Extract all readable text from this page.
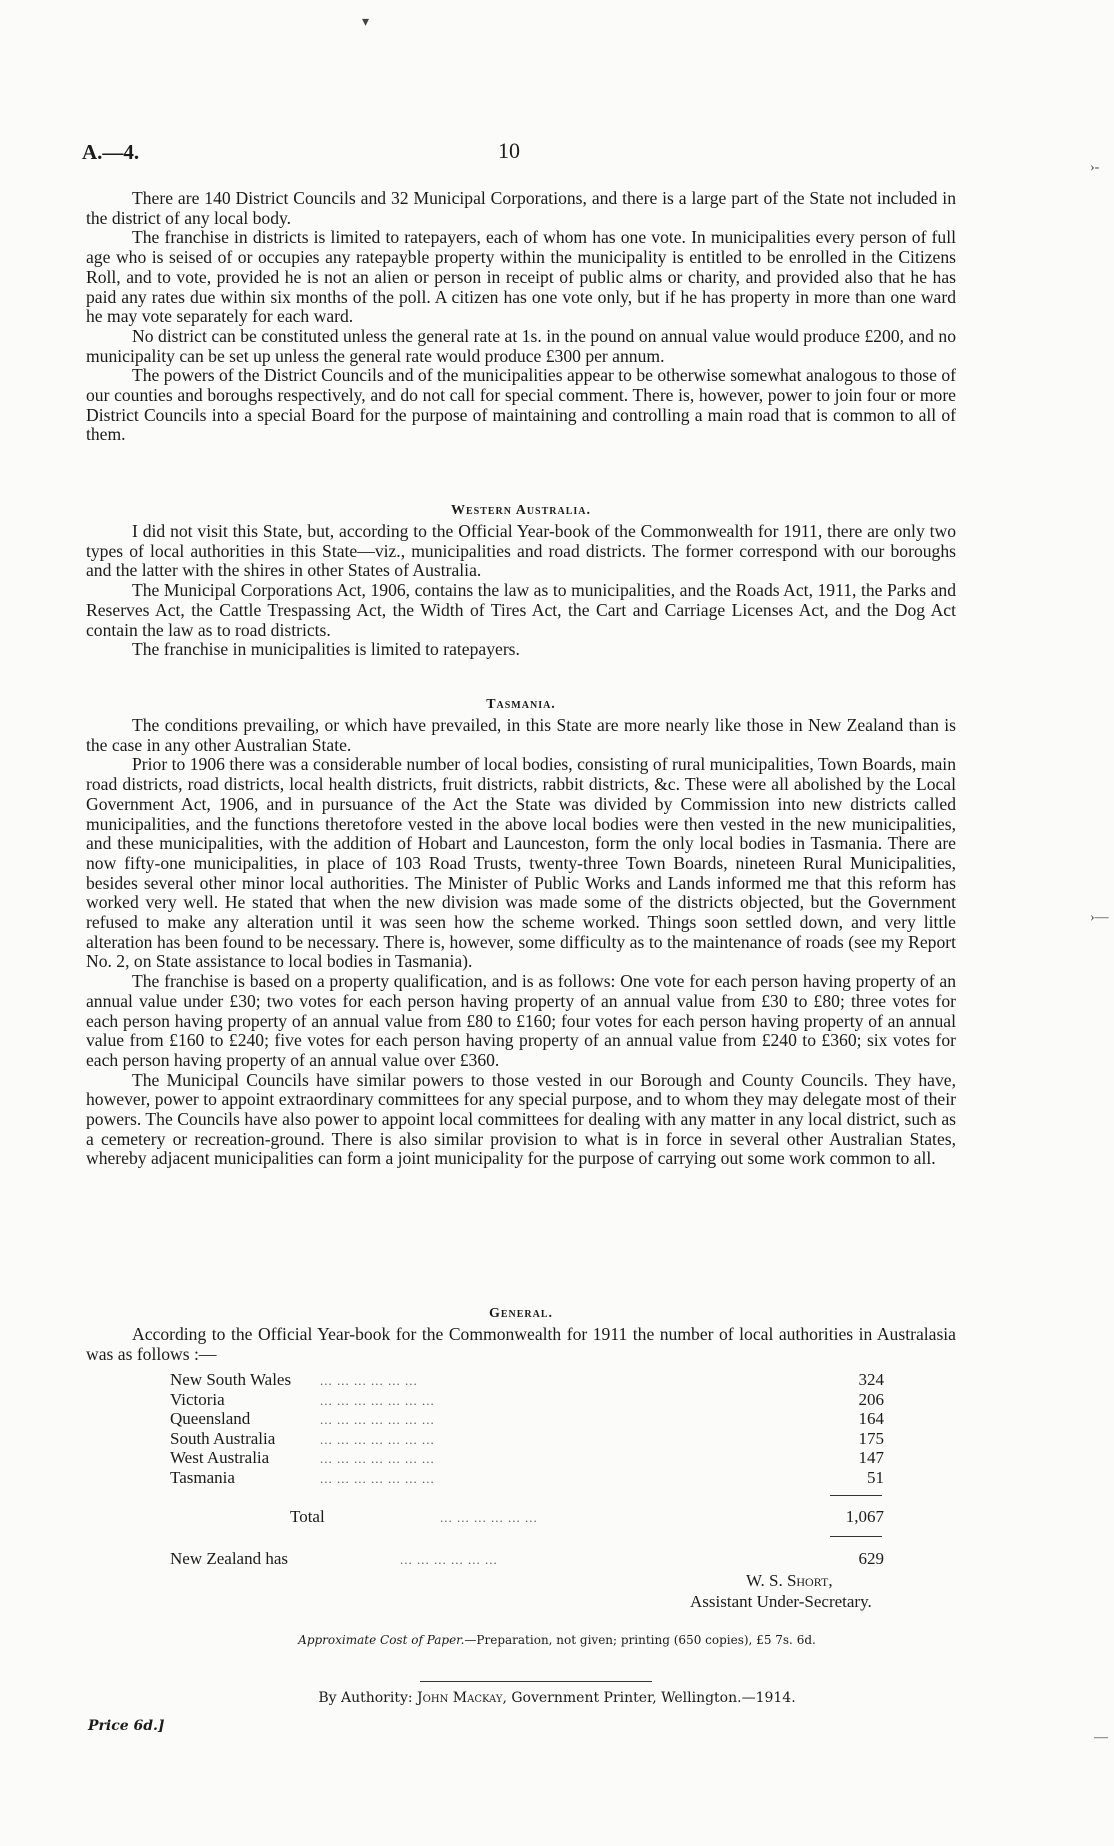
A.—4.	10
▾
›-
›—
—

There are 140 District Councils and 32 Municipal Corporations, and there is a large part of the State not included in the district of any local body.

The franchise in districts is limited to ratepayers, each of whom has one vote. In municipalities every person of full age who is seised of or occupies any ratepayble property within the municipality is entitled to be enrolled in the Citizens Roll, and to vote, provided he is not an alien or person in receipt of public alms or charity, and provided also that he has paid any rates due within six months of the poll. A citizen has one vote only, but if he has property in more than one ward he may vote separately for each ward.

No district can be constituted unless the general rate at 1s. in the pound on annual value would produce £200, and no municipality can be set up unless the general rate would produce £300 per annum.

The powers of the District Councils and of the municipalities appear to be otherwise somewhat analogous to those of our counties and boroughs respectively, and do not call for special comment. There is, however, power to join four or more District Councils into a special Board for the purpose of maintaining and controlling a main road that is common to all of them.

Western Australia.

I did not visit this State, but, according to the Official Year-book of the Commonwealth for 1911, there are only two types of local authorities in this State—viz., municipalities and road districts. The former correspond with our boroughs and the latter with the shires in other States of Australia.

The Municipal Corporations Act, 1906, contains the law as to municipalities, and the Roads Act, 1911, the Parks and Reserves Act, the Cattle Trespassing Act, the Width of Tires Act, the Cart and Carriage Licenses Act, and the Dog Act contain the law as to road districts.

The franchise in municipalities is limited to ratepayers.

Tasmania.

The conditions prevailing, or which have prevailed, in this State are more nearly like those in New Zealand than is the case in any other Australian State.

Prior to 1906 there was a considerable number of local bodies, consisting of rural municipalities, Town Boards, main road districts, road districts, local health districts, fruit districts, rabbit districts, &c. These were all abolished by the Local Government Act, 1906, and in pursuance of the Act the State was divided by Commission into new districts called municipalities, and the functions theretofore vested in the above local bodies were then vested in the new municipalities, and these municipalities, with the addition of Hobart and Launceston, form the only local bodies in Tasmania. There are now fifty-one municipalities, in place of 103 Road Trusts, twenty-three Town Boards, nineteen Rural Municipalities, besides several other minor local authorities. The Minister of Public Works and Lands informed me that this reform has worked very well. He stated that when the new division was made some of the districts objected, but the Government refused to make any alteration until it was seen how the scheme worked. Things soon settled down, and very little alteration has been found to be necessary. There is, however, some difficulty as to the maintenance of roads (see my Report No. 2, on State assistance to local bodies in Tasmania).

The franchise is based on a property qualification, and is as follows: One vote for each person having property of an annual value under £30; two votes for each person having property of an annual value from £30 to £80; three votes for each person having property of an annual value from £80 to £160; four votes for each person having property of an annual value from £160 to £240; five votes for each person having property of an annual value from £240 to £360; six votes for each person having property of an annual value over £360.

The Municipal Councils have similar powers to those vested in our Borough and County Councils. They have, however, power to appoint extraordinary committees for any special purpose, and to whom they may delegate most of their powers. The Councils have also power to appoint local committees for dealing with any matter in any local district, such as a cemetery or recreation-ground. There is also similar provision to what is in force in several other Australian States, whereby adjacent municipalities can form a joint municipality for the purpose of carrying out some work common to all.

General.

According to the Official Year-book for the Commonwealth for 1911 the number of local authorities in Australasia was as follows :—

New South Wales	... ... ... ... ... ...	324
Victoria	... ... ... ... ... ... ...	206
Queensland	... ... ... ... ... ... ...	164
South Australia	... ... ... ... ... ... ...	175
West Australia	... ... ... ... ... ... ...	147
Tasmania	... ... ... ... ... ... ...	51
Total	... ... ... ... ... ...	1,067
New Zealand has	... ... ... ... ... ...	629
W. S. Short,
Assistant Under-Secretary.
Approximate Cost of Paper.—Preparation, not given; printing (650 copies), £5 7s. 6d.
By Authority: John Mackay, Government Printer, Wellington.—1914.
Price 6d.]
